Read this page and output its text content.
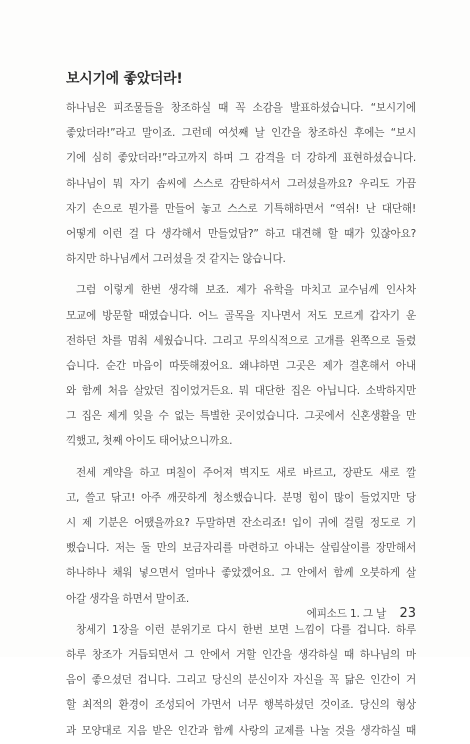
보시기에 좋았더라!
하나님은 피조물들을 창조하실 때 꼭 소감을 발표하셨습니다. “보시기에
좋았더라!”라고 말이죠. 그런데 여섯째 날 인간을 창조하신 후에는 “보시
기에 심히 좋았더라!”라고까지 하며 그 감격을 더 강하게 표현하셨습니다.
하나님이 뭐 자기 솜씨에 스스로 감탄하셔서 그러셨을까요? 우리도 가끔
자기 손으로 뭔가를 만들어 놓고 스스로 기특해하면서 “역쉬! 난 대단해!
어떻게 이런 걸 다 생각해서 만들었담?” 하고 대견해 할 때가 있잖아요?
하지만 하나님께서 그러셨을 것 같지는 않습니다.
그럼 이렇게 한번 생각해 보죠. 제가 유학을 마치고 교수님께 인사차
모교에 방문할 때였습니다. 어느 골목을 지나면서 저도 모르게 갑자기 운
전하던 차를 멈춰 세웠습니다. 그리고 무의식적으로 고개를 왼쪽으로 돌렸
습니다. 순간 마음이 따뜻해졌어요. 왜냐하면 그곳은 제가 결혼해서 아내
와 함께 처음 살았던 집이었거든요. 뭐 대단한 집은 아닙니다. 소박하지만
그 집은 제게 잊을 수 없는 특별한 곳이었습니다. 그곳에서 신혼생활을 만
끽했고, 첫째 아이도 태어났으니까요.
전세 계약을 하고 며칠이 주어져 벽지도 새로 바르고, 장판도 새로 깔
고, 쓸고 닦고! 아주 깨끗하게 청소했습니다. 분명 힘이 많이 들었지만 당
시 제 기분은 어땠을까요? 두말하면 잔소리죠! 입이 귀에 걸릴 정도로 기
뻤습니다. 저는 둘 만의 보금자리를 마련하고 아내는 살림살이를 장만해서
하나하나 채워 넣으면서 얼마나 좋았겠어요. 그 안에서 함께 오붓하게 살
아갈 생각을 하면서 말이죠.
창세기 1장을 이런 분위기로 다시 한번 보면 느낌이 다를 겁니다. 하루
하루 창조가 거듭되면서 그 안에서 거할 인간을 생각하실 때 하나님의 마
음이 좋으셨던 겁니다. 그리고 당신의 분신이자 자신을 꼭 닮은 인간이 거
할 최적의 환경이 조성되어 가면서 너무 행복하셨던 것이죠. 당신의 형상
과 모양대로 지음 받은 인간과 함께 사랑의 교제를 나눌 것을 생각하실 때
에피소드 1. 그 날 23
